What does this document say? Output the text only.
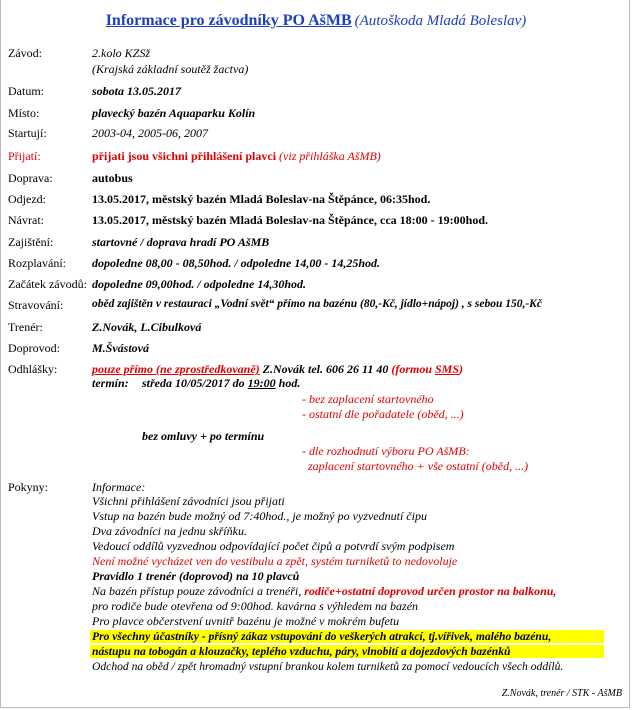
Informace pro závodníky PO AšMB (Autoškoda Mladá Boleslav)
Závod:	2.kolo KZSž
(Krajská základní soutěž žactva)
Datum:	sobota 13.05.2017
Místo:	plavecký bazén Aquaparku Kolín
Startují:	2003-04, 2005-06, 2007
Přijatí:	přijati jsou všichni přihlášení plavci (viz přihláška AšMB)
Doprava:	autobus
Odjezd:	13.05.2017, městský bazén Mladá Boleslav-na Štěpánce, 06:35hod.
Návrat:	13.05.2017, městský bazén Mladá Boleslav-na Štěpánce, cca 18:00 - 19:00hod.
Zajištění:	startovné / doprava hradí PO AšMB
Rozplavání:	dopoledne 08,00 - 08,50hod. / odpoledne 14,00 - 14,25hod.
Začátek závodů: dopoledne 09,00hod. / odpoledne 14,30hod.
Stravování:	oběd zajištěn v restauraci „Vodní svět“ přímo na bazénu (80,-Kč, jídlo+nápoj) , s sebou 150,-Kč
Trenér:	Z.Novák, L.Cibulková
Doprovod:	M.Švástová
Odhlášky:	pouze přímo (ne zprostředkovaně) Z.Novák tel. 606 26 11 40 (formou SMS)
termín: středa 10/05/2017 do 19:00 hod.
- bez zaplacení startovného
- ostatní dle pořadatele (oběd, ...)
bez omluvy + po termínu
- dle rozhodnutí výboru PO AšMB:
zaplacení startovného + vše ostatní (oběd, ...)
Pokyny:	Informace:
Všichni přihlášení závodníci jsou přijati
Vstup na bazén bude možný od 7:40hod., je možný po vyzvednutí čipu
Dva závodníci na jednu skříňku.
Vedoucí oddílů vyzvednou odpovídající počet čipů a potvrdí svým podpisem
Není možné vycházet ven do vestibulu a zpět, systém turniketů to nedovoluje
Pravidlo 1 trenér (doprovod) na 10 plavců
Na bazén přístup pouze závodníci a trenéři, rodiče+ostatní doprovod určen prostor na balkonu,
pro rodiče bude otevřena od 9:00hod. kavárna s výhledem na bazén
Pro plavce občerstvení uvnitř bazénu je možné v mokrém bufetu
Pro všechny účastníky - přísný zákaz vstupování do veškerých atrakcí, tj.vířivek, malého bazénu,
nástupu na tobogán a klouzačky, teplého vzduchu, páry, vlnobití a dojezdových bazénků
Odchod na oběd / zpět hromadný vstupní brankou kolem turniketů za pomocí vedoucích všech oddílů.
Z.Novák, trenér / STK - AšMB
